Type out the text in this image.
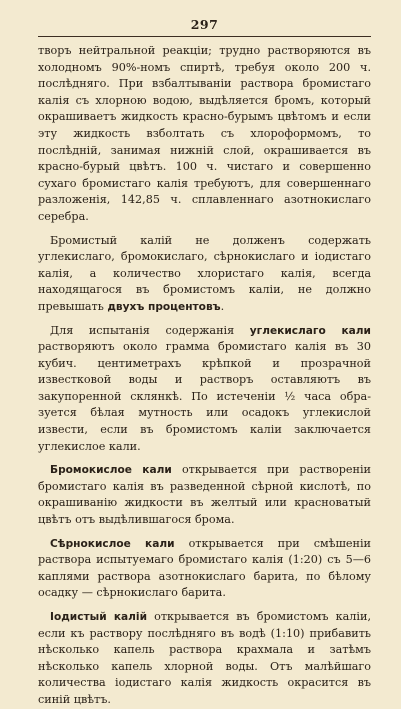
297

творъ нейтральной реакціи; трудно растворяются въ холодномъ 90%-номъ спиртѣ, требуя около 200 ч. послѣдняго. При взбалтываніи раствора бромистаго калія съ хлорною водою, выдѣляется бромъ, который окрашиваетъ жидкость красно-бурымъ цвѣтомъ и если эту жидкость взболтать съ хлороформомъ, то послѣдній, занимая нижній слой, окрашивается въ красно-бурый цвѣтъ. 100 ч. чистаго и совершенно сухаго бромистаго калія требуютъ, для совершеннаго разложенія, 142,85 ч. сплавленнаго азотнокислаго серебра.

Бромистый калій не долженъ содержать углекислаго, бромокислаго, сѣрнокислаго и іодистаго калія, а количество хлористаго калія, всегда находящагося въ бромистомъ каліи, не должно превышать двухъ процентовъ.

Для испытанія содержанія углекислаго кали растворяютъ около грамма бромистаго калія въ 30 кубич. центиметрахъ крѣпкой и прозрачной известковой воды и растворъ оставляютъ въ закупоренной склянкѣ. По истеченіи ½ часа образуется бѣлая мутность или осадокъ углекислой извести, если въ бромистомъ каліи заключается углекислое кали.

Бромокислое кали открывается при раствореніи бромистаго калія въ разведенной сѣрной кислотѣ, по окрашиванію жидкости въ желтый или красноватый цвѣтъ отъ выдѣлившагося брома.

Сѣрнокислое кали открывается при смѣшеніи раствора испытуемаго бромистаго калія (1:20) съ 5—6 каплями раствора азотнокислаго барита, по бѣлому осадку — сѣрнокислаго барита.

Іодистый калій открывается въ бромистомъ каліи, если къ раствору послѣдняго въ водѣ (1:10) прибавить нѣсколько капель раствора крахмала и затѣмъ нѣсколько капель хлорной воды. Отъ малѣйшаго количества іодистаго калія жидкость окрасится въ синій цвѣтъ.
